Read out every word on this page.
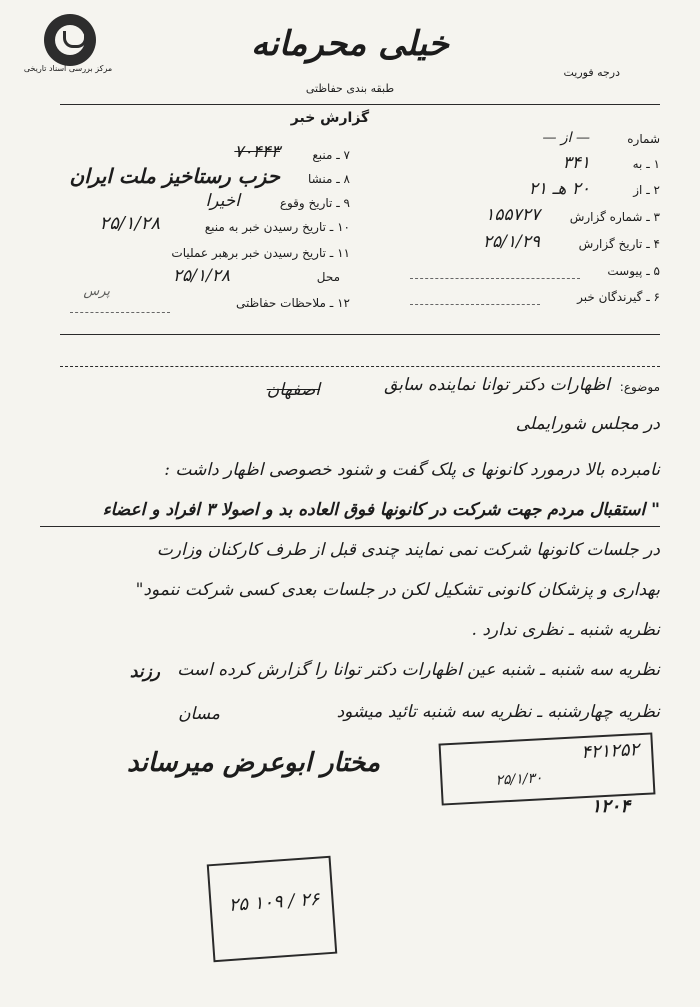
مرکز بررسی اسناد تاریخی
خیلی محرمانه
طبقه بندی حفاظتی
درجه فوریت
گزارش خبر
شماره
— از —
۱ ـ به
۳۴۱
۲ ـ از
۲۰ هـ ۲۱
۳ ـ شماره گزارش
۱۵۵۷۲۷
۴ ـ تاریخ گزارش
۲۵/۱/۲۹
۵ ـ پیوست
۶ ـ گیرندگان خبر
۷ ـ منبع
۷۰۴۴۳
۸ ـ منشا
حزب رستاخیز ملت ایران
۹ ـ تاریخ وقوع
اخیرا
۱۰ ـ تاریخ رسیدن خبر به منبع
۲۵/۱/۲۸
۱۱ ـ تاریخ رسیدن خبر برهبر عملیات
محل
۲۵/۱/۲۸
۱۲ ـ ملاحظات حفاظتی
موضوع:
اظهارات دکتر توانا نماینده سابق
اصفهان
در مجلس شورایملی
نامبرده بالا درمورد کانونها ی پلک گفت و شنود خصوصی اظهار داشت :
" استقبال مردم جهت شرکت در کانونها فوق العاده بد و اصولا ۳ افراد و اعضاء
در جلسات کانونها شرکت نمی نمایند چندی قبل از طرف کارکنان وزارت
بهداری و پزشکان کانونی تشکیل لکن در جلسات بعدی کسی شرکت ننمود"
نظریه شنبه ـ نظری ندارد .
نظریه سه شنبه ـ شنبه عین اظهارات دکتر توانا را گزارش کرده است
رزند
نظریه چهارشنبه ـ نظریه سه شنبه تائید میشود
مسان
پرس
مختار ابوعرض میرساند	۴۲۱۲۵۲
۲۵/۱/۳۰
۱۲۰۴
۲۵ ۱۰۹ / ۲۶
